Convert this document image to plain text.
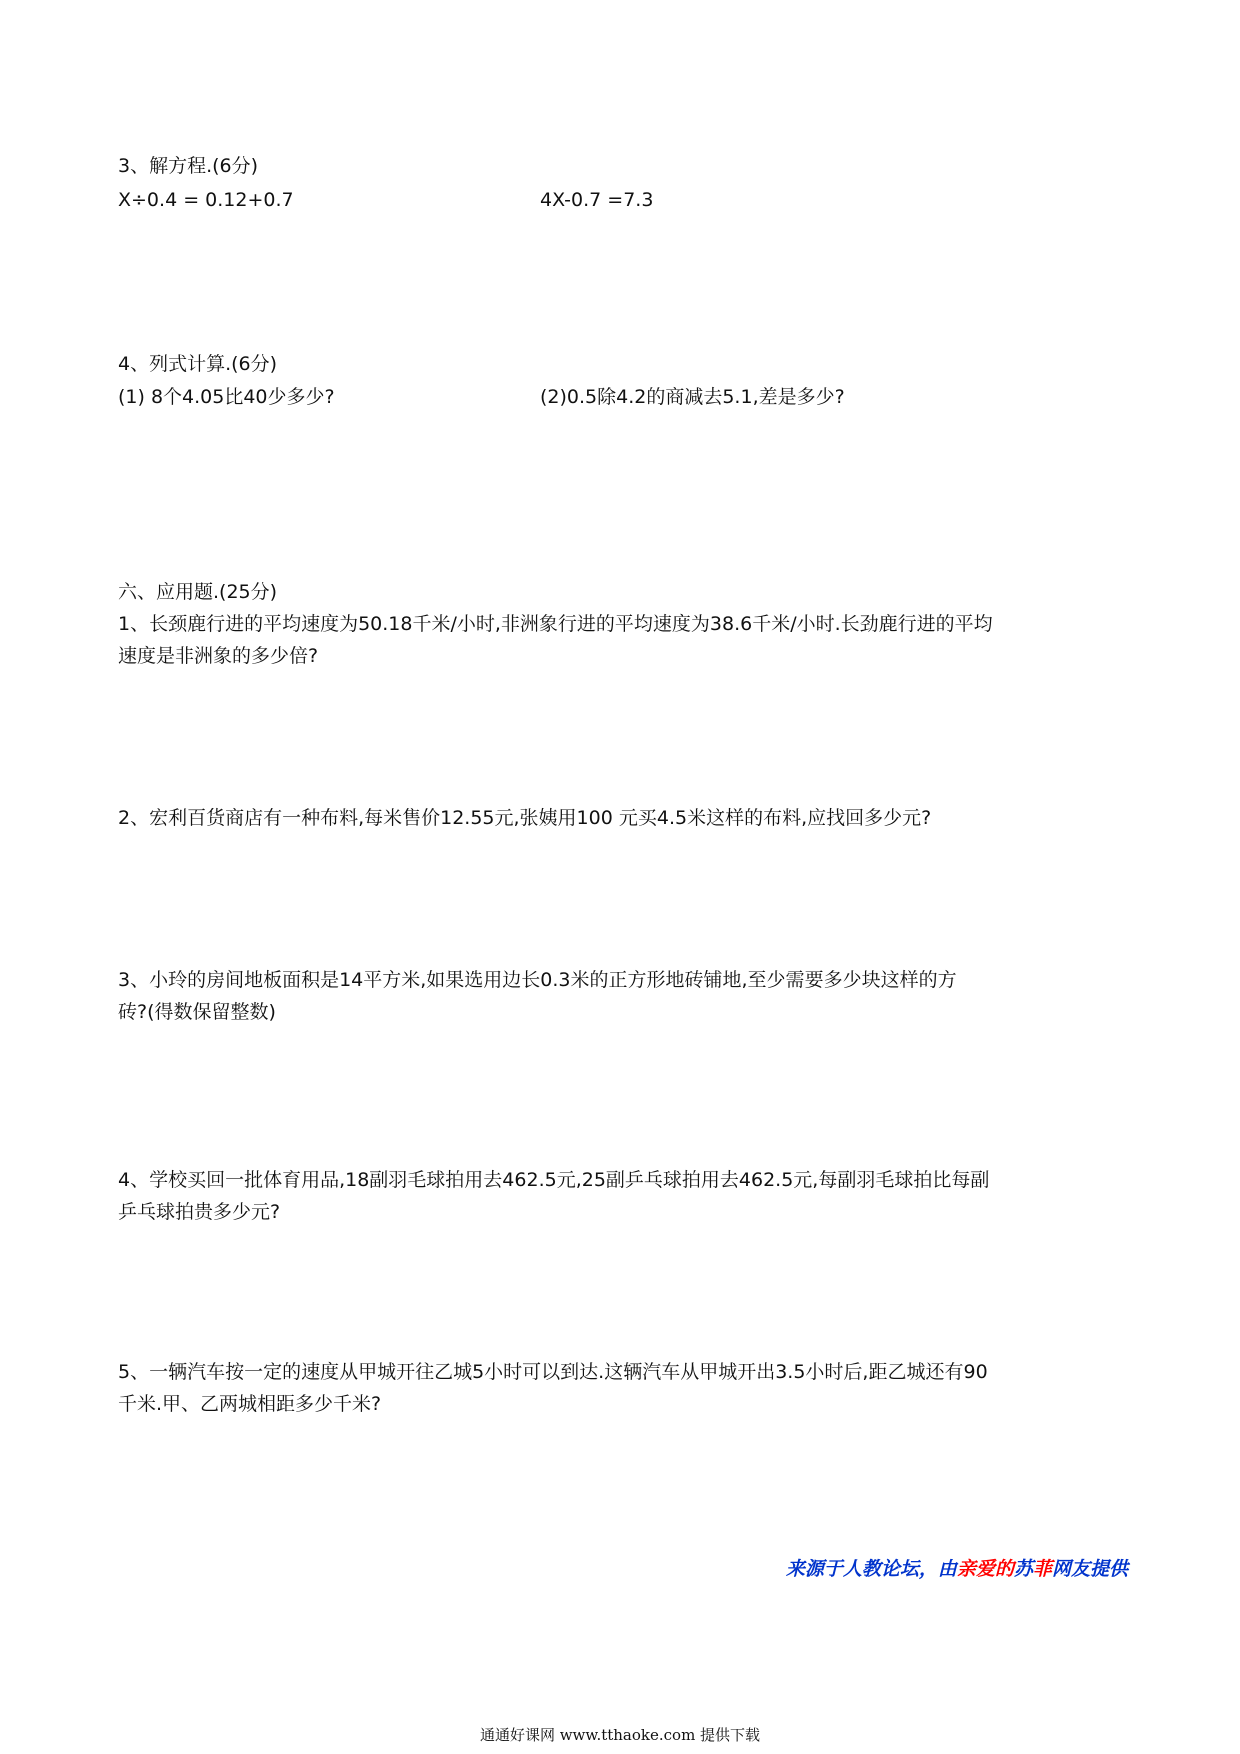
3、解方程.(6分)
X÷0.4 = 0.12+0.7	4X-0.7 =7.3
4、列式计算.(6分)
(1) 8个4.05比40少多少?	(2)0.5除4.2的商减去5.1,差是多少?
六、应用题.(25分)
1、长颈鹿行进的平均速度为50.18千米/小时,非洲象行进的平均速度为38.6千米/小时.长劲鹿行进的平均
速度是非洲象的多少倍?
2、宏利百货商店有一种布料,每米售价12.55元,张姨用100 元买4.5米这样的布料,应找回多少元?
3、小玲的房间地板面积是14平方米,如果选用边长0.3米的正方形地砖铺地,至少需要多少块这样的方
砖?(得数保留整数)
4、学校买回一批体育用品,18副羽毛球拍用去462.5元,25副乒乓球拍用去462.5元,每副羽毛球拍比每副
乒乓球拍贵多少元?
5、一辆汽车按一定的速度从甲城开往乙城5小时可以到达.这辆汽车从甲城开出3.5小时后,距乙城还有90
千米.甲、乙两城相距多少千米?
来源于人教论坛，由亲爱的苏菲网友提供
通通好课网 www.tthaoke.com 提供下载
